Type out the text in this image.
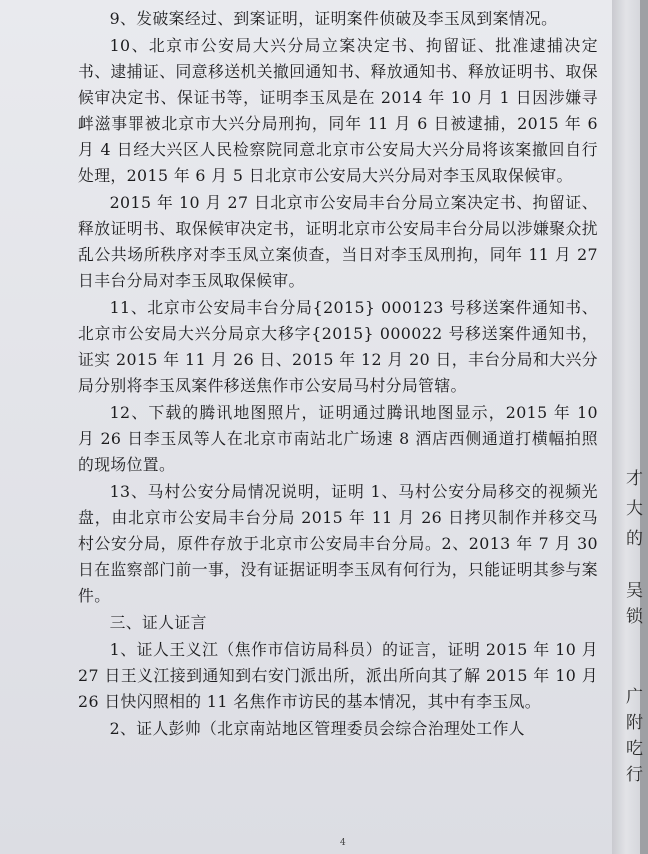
9、发破案经过、到案证明，证明案件侦破及李玉凤到案情况。

10、北京市公安局大兴分局立案决定书、拘留证、批准逮捕决定书、逮捕证、同意移送机关撤回通知书、释放通知书、释放证明书、取保候审决定书、保证书等，证明李玉凤是在 2014 年 10 月 1 日因涉嫌寻衅滋事罪被北京市大兴分局刑拘，同年 11 月 6 日被逮捕，2015 年 6 月 4 日经大兴区人民检察院同意北京市公安局大兴分局将该案撤回自行处理，2015 年 6 月 5 日北京市公安局大兴分局对李玉凤取保候审。

2015 年 10 月 27 日北京市公安局丰台分局立案决定书、拘留证、释放证明书、取保候审决定书，证明北京市公安局丰台分局以涉嫌聚众扰乱公共场所秩序对李玉凤立案侦查，当日对李玉凤刑拘，同年 11 月 27 日丰台分局对李玉凤取保候审。

11、北京市公安局丰台分局{2015} 000123 号移送案件通知书、北京市公安局大兴分局京大移字{2015} 000022 号移送案件通知书，证实 2015 年 11 月 26 日、2015 年 12 月 20 日，丰台分局和大兴分局分别将李玉凤案件移送焦作市公安局马村分局管辖。

12、下载的腾讯地图照片，证明通过腾讯地图显示，2015 年 10 月 26 日李玉凤等人在北京市南站北广场速 8 酒店西侧通道打横幅拍照的现场位置。

13、马村公安分局情况说明，证明 1、马村公安分局移交的视频光盘，由北京市公安局丰台分局 2015 年 11 月 26 日拷贝制作并移交马村公安分局，原件存放于北京市公安局丰台分局。2、2013 年 7 月 30 日在监察部门前一事，没有证据证明李玉凤有何行为，只能证明其参与案件。

三、证人证言

1、证人王义江（焦作市信访局科员）的证言，证明 2015 年 10 月 27 日王义江接到通知到右安门派出所，派出所向其了解 2015 年 10 月 26 日快闪照相的 11 名焦作市访民的基本情况，其中有李玉凤。

2、证人彭帅（北京南站地区管理委员会综合治理处工作人

4
才
大
的
吴
锁
广
附
吃
行
